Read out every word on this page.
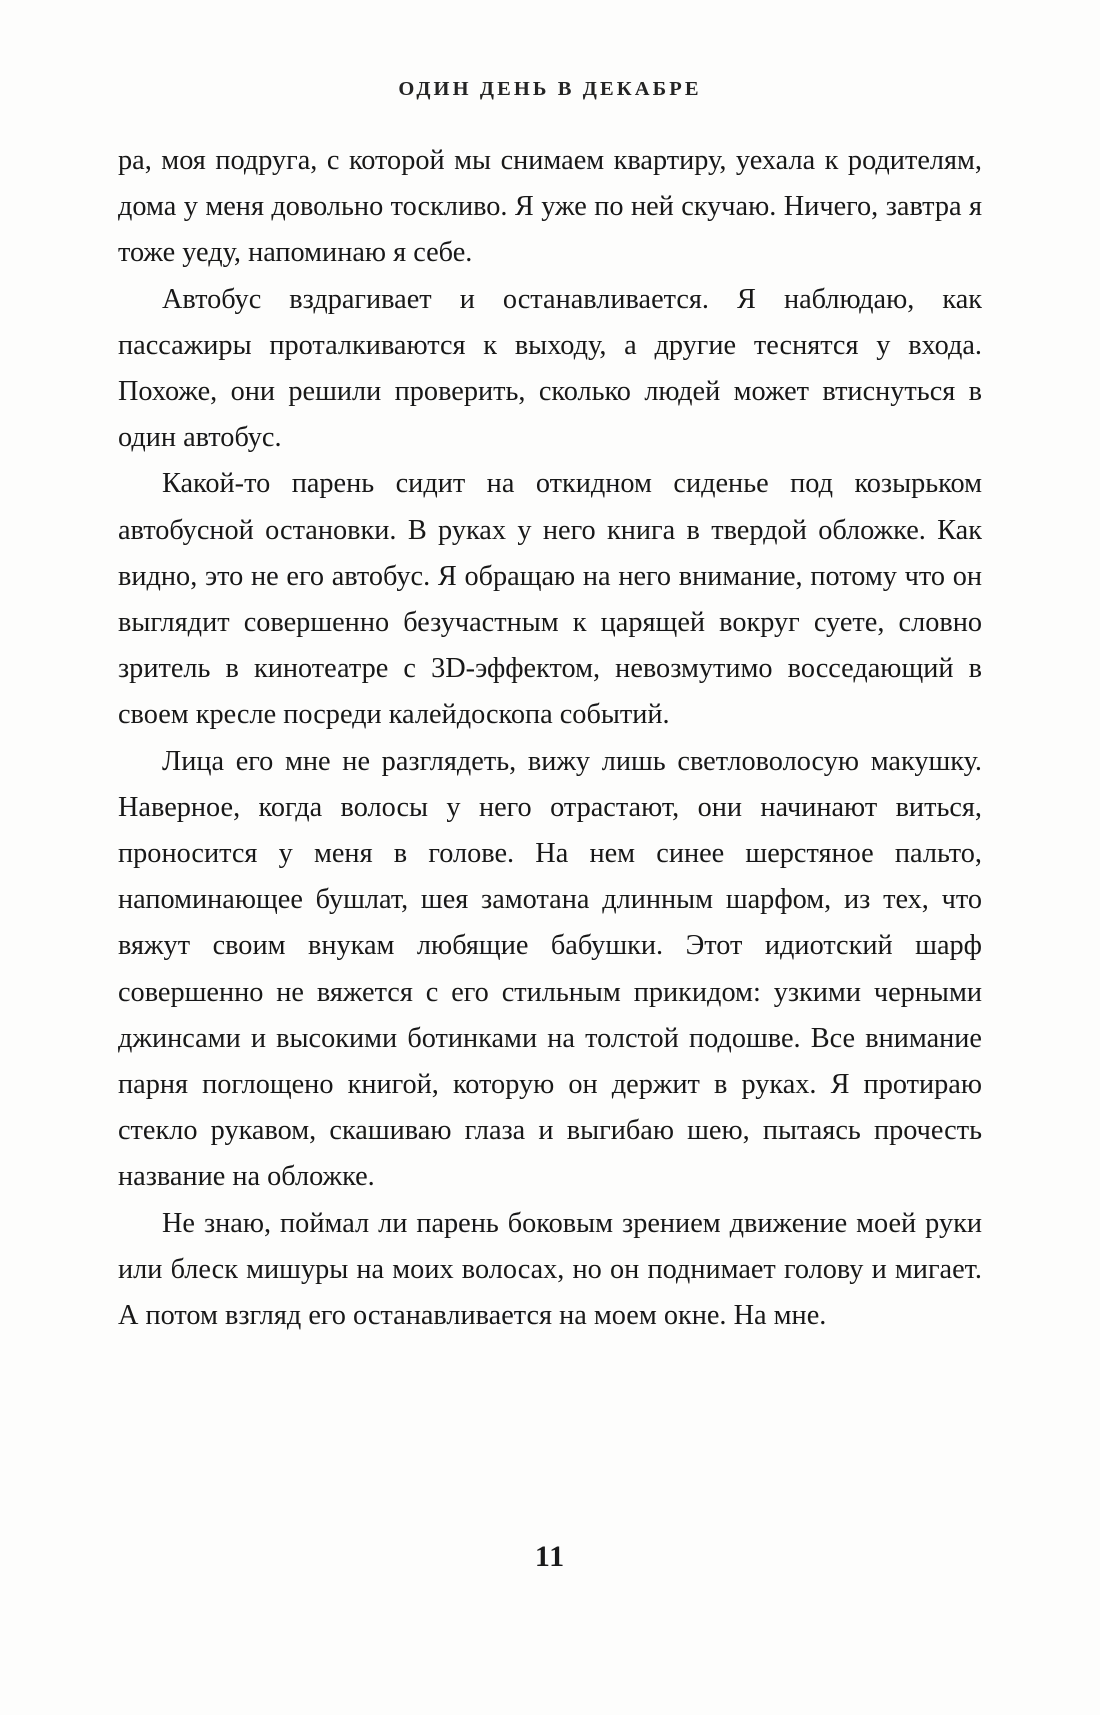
ОДИН ДЕНЬ В ДЕКАБРЕ

ра, моя подруга, с которой мы снимаем квартиру, уехала к родителям, дома у меня довольно тоскливо. Я уже по ней скучаю. Ничего, завтра я тоже уеду, напоминаю я себе.

Автобус вздрагивает и останавливается. Я наблюдаю, как пассажиры проталкиваются к выходу, а другие теснятся у входа. Похоже, они решили проверить, сколько людей может втиснуться в один автобус.

Какой-то парень сидит на откидном сиденье под козырьком автобусной остановки. В руках у него книга в твердой обложке. Как видно, это не его автобус. Я обращаю на него внимание, потому что он выглядит совершенно безучастным к царящей вокруг суете, словно зритель в кинотеатре с 3D-эффектом, невозмутимо восседающий в своем кресле посреди калейдоскопа событий.

Лица его мне не разглядеть, вижу лишь светловолосую макушку. Наверное, когда волосы у него отрастают, они начинают виться, проносится у меня в голове. На нем синее шерстяное пальто, напоминающее бушлат, шея замотана длинным шарфом, из тех, что вяжут своим внукам любящие бабушки. Этот идиотский шарф совершенно не вяжется с его стильным прикидом: узкими черными джинсами и высокими ботинками на толстой подошве. Все внимание парня поглощено книгой, которую он держит в руках. Я протираю стекло рукавом, скашиваю глаза и выгибаю шею, пытаясь прочесть название на обложке.

Не знаю, поймал ли парень боковым зрением движение моей руки или блеск мишуры на моих волосах, но он поднимает голову и мигает. А потом взгляд его останавливается на моем окне. На мне.

11
